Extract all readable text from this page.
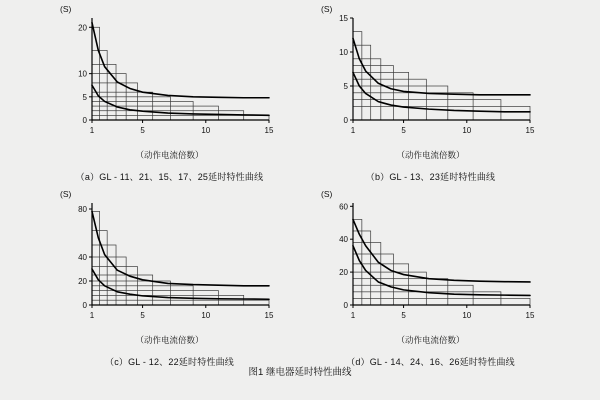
(S)
0
5
10
20
1	5	10	15
（动作电流倍数）
（a）GL - 11、21、15、17、25延时特性曲线
(S)
0
5
10
15
1	5	10	15
（动作电流倍数）
（b）GL - 13、23延时特性曲线
(S)
0
20
40
80
1	5	10	15
（动作电流倍数）
（c）GL - 12、22延时特性曲线
(S)
0
20
40
60
1	5	10	15
（动作电流倍数）
（d）GL - 14、24、16、26延时特性曲线
图1 继电器延时特性曲线
